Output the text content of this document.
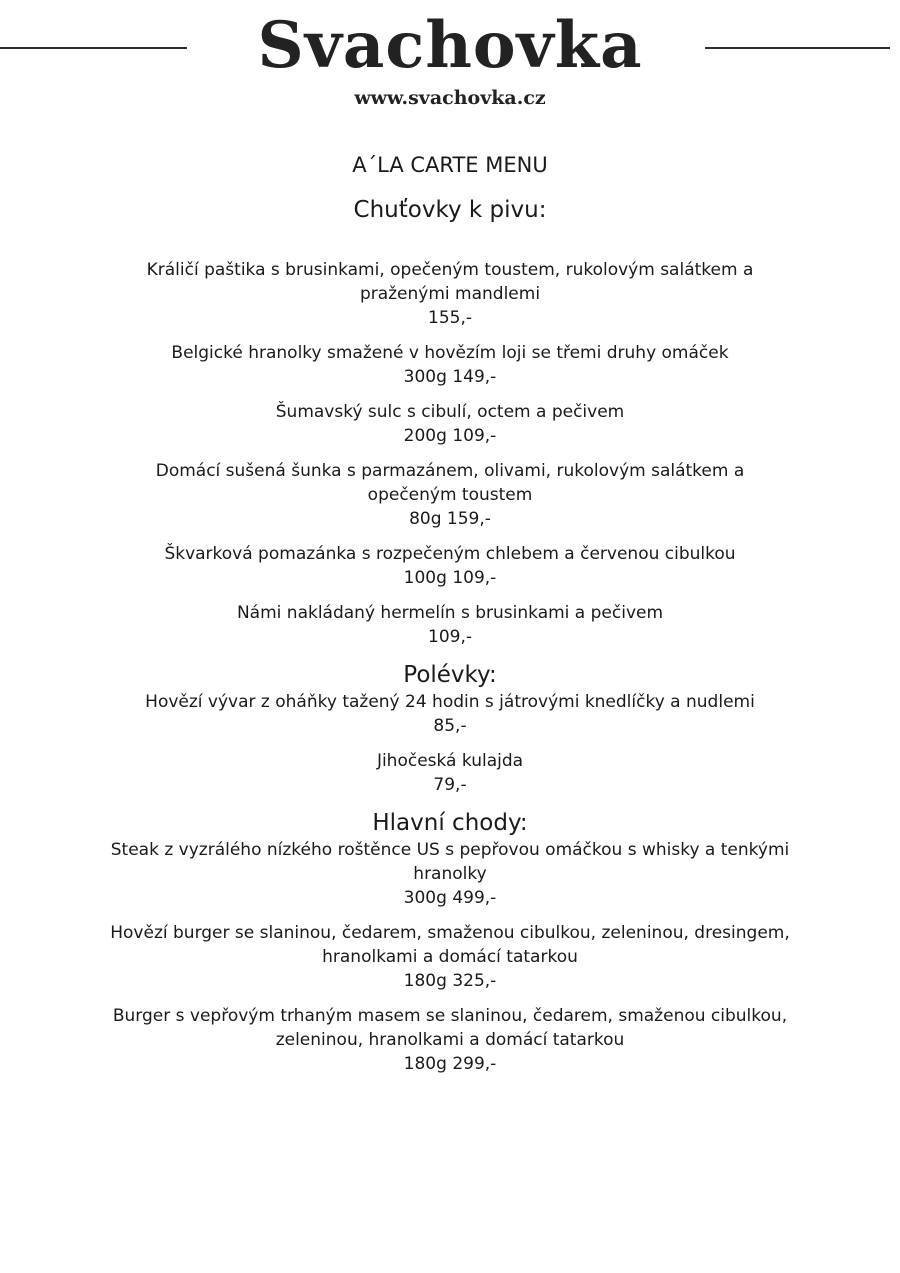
Svachovka
www.svachovka.cz
A´LA CARTE MENU
Chuťovky k pivu:
Králičí paštika s brusinkami, opečeným toustem, rukolovým salátkem a praženými mandlemi
155,-
Belgické hranolky smažené v hovězím loji se třemi druhy omáček
300g 149,-
Šumavský sulc s cibulí, octem a pečivem
200g 109,-
Domácí sušená šunka s parmazánem, olivami, rukolovým salátkem a opečeným toustem
80g 159,-
Škvarková pomazánka s rozpečeným chlebem a červenou cibulkou
100g 109,-
Námi nakládaný hermelín s brusinkami a pečivem
109,-
Polévky:
Hovězí vývar z oháňky tažený 24 hodin s játrovými knedlíčky a nudlemi
85,-
Jihočeská kulajda
79,-
Hlavní chody:
Steak z vyzrálého nízkého roštěnce US s pepřovou omáčkou s whisky a tenkými hranolky
300g 499,-
Hovězí burger se slaninou, čedarem, smaženou cibulkou, zeleninou, dresingem, hranolkami a domácí tatarkou
180g 325,-
Burger s vepřovým trhaným masem se slaninou, čedarem, smaženou cibulkou, zeleninou, hranolkami a domácí tatarkou
180g 299,-
